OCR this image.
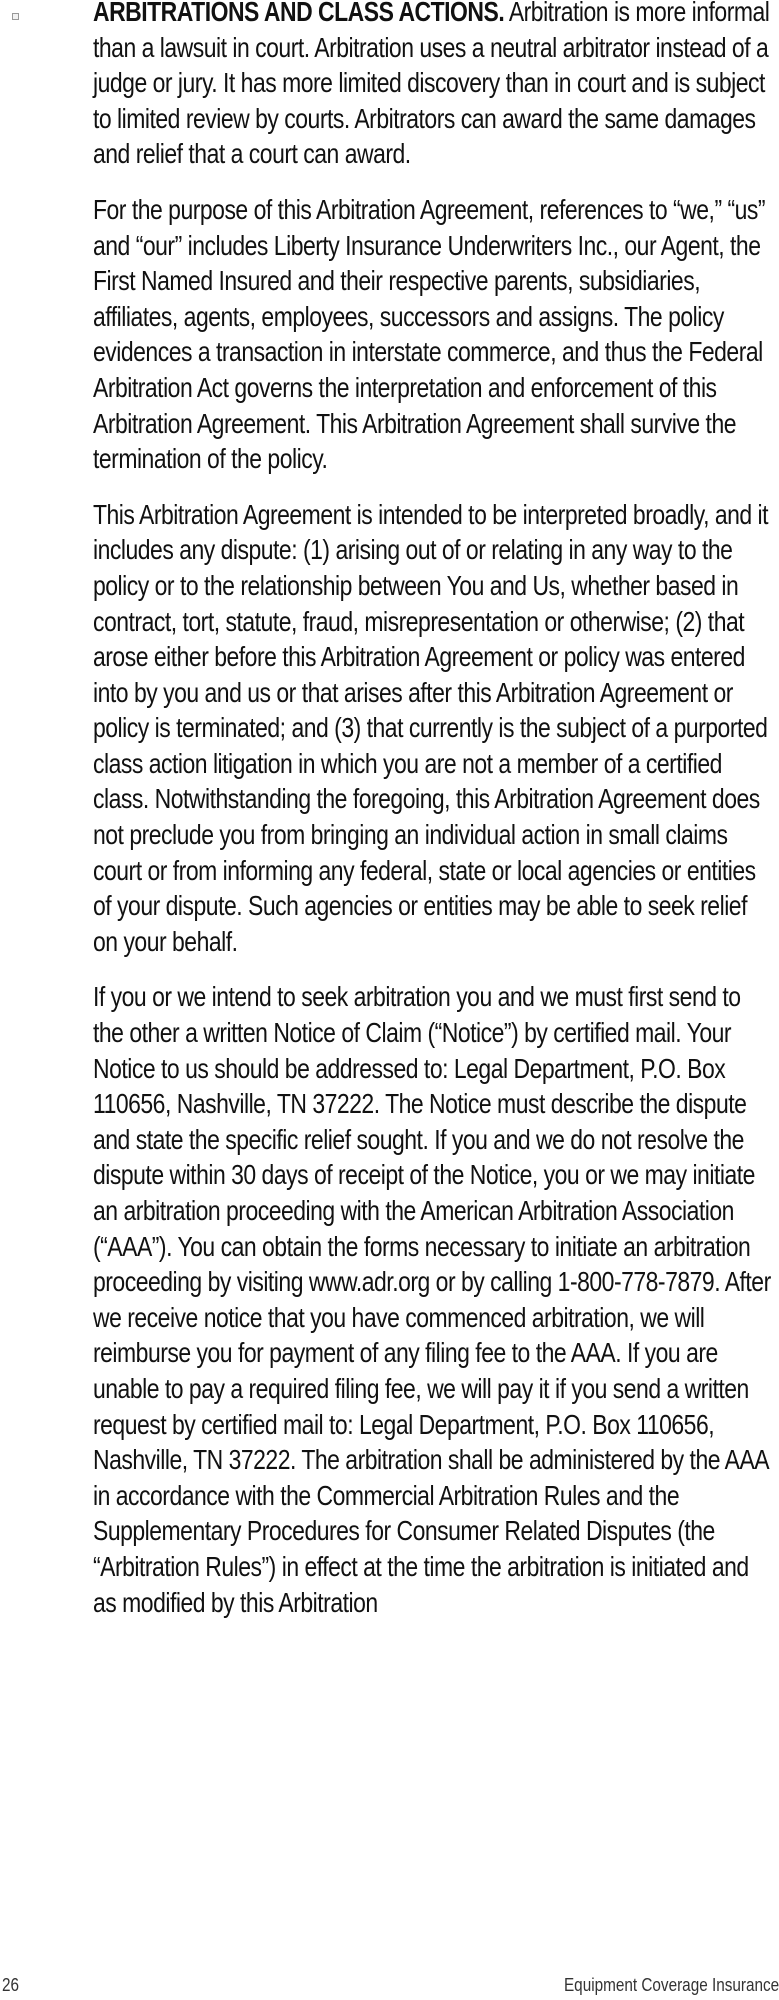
ARBITRATIONS AND CLASS ACTIONS. Arbitration is more informal than a lawsuit in court. Arbitration uses a neutral arbitrator instead of a judge or jury. It has more limited discovery than in court and is subject to limited review by courts. Arbitrators can award the same damages and relief that a court can award.

For the purpose of this Arbitration Agreement, references to “we,” “us” and “our” includes Liberty Insurance Underwriters Inc., our Agent, the First Named Insured and their respective parents, subsidiaries, affiliates, agents, employees, successors and assigns. The policy evidences a transaction in interstate commerce, and thus the Federal Arbitration Act governs the interpretation and enforcement of this Arbitration Agreement. This Arbitration Agreement shall survive the termination of the policy.

This Arbitration Agreement is intended to be interpreted broadly, and it includes any dispute: (1) arising out of or relating in any way to the policy or to the relationship between You and Us, whether based in contract, tort, statute, fraud, misrepresentation or otherwise; (2) that arose either before this Arbitration Agreement or policy was entered into by you and us or that arises after this Arbitration Agreement or policy is terminated; and (3) that currently is the subject of a purported class action litigation in which you are not a member of a certified class. Notwithstanding the foregoing, this Arbitration Agreement does not preclude you from bringing an individual action in small claims court or from informing any federal, state or local agencies or entities of your dispute. Such agencies or entities may be able to seek relief on your behalf.

If you or we intend to seek arbitration you and we must first send to the other a written Notice of Claim (“Notice”) by certified mail. Your Notice to us should be addressed to: Legal Department, P.O. Box 110656, Nashville, TN 37222. The Notice must describe the dispute and state the specific relief sought. If you and we do not resolve the dispute within 30 days of receipt of the Notice, you or we may initiate an arbitration proceeding with the American Arbitration Association (“AAA”). You can obtain the forms necessary to initiate an arbitration proceeding by visiting www.adr.org or by calling 1-800-778-7879. After we receive notice that you have commenced arbitration, we will reimburse you for payment of any filing fee to the AAA. If you are unable to pay a required filing fee, we will pay it if you send a written request by certified mail to: Legal Department, P.O. Box 110656, Nashville, TN 37222. The arbitration shall be administered by the AAA in accordance with the Commercial Arbitration Rules and the Supplementary Procedures for Consumer Related Disputes (the “Arbitration Rules”) in effect at the time the arbitration is initiated and as modified by this Arbitration

26	Equipment Coverage Insurance
